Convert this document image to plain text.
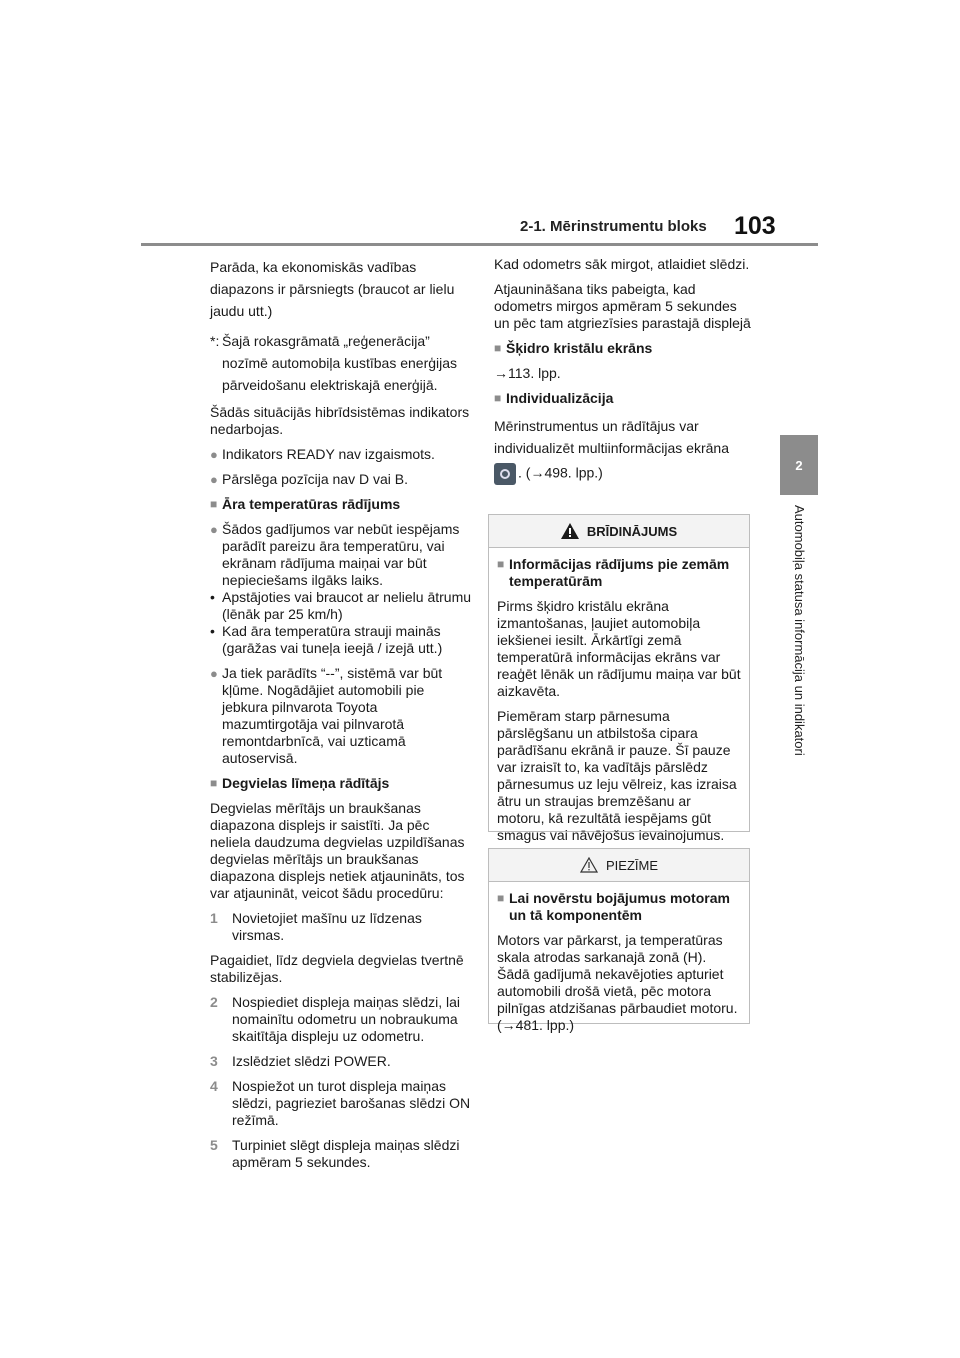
2-1. Mērinstrumentu bloks 103
2
Automobiļa statusa informācija un indikatori

Parāda, ka ekonomiskās vadības diapazons ir pārsniegts (braucot ar lielu jaudu utt.)

*: Šajā rokasgrāmatā „reģenerācija” nozīmē automobiļa kustības enerģijas pārveidošanu elektriskajā enerģijā.

Šādās situācijās hibrīdsistēmas indikators nedarbojas.

● Indikators READY nav izgaismots.
● Pārslēga pozīcija nav D vai B.
■ Āra temperatūras rādījums
● Šādos gadījumos var nebūt iespējams parādīt pareizu āra temperatūru, vai ekrānam rādījuma maiņai var būt nepieciešams ilgāks laiks.
• Apstājoties vai braucot ar nelielu ātrumu (lēnāk par 25 km/h)
• Kad āra temperatūra strauji mainās (garāžas vai tuneļa ieejā / izejā utt.)
● Ja tiek parādīts “--”, sistēmā var būt kļūme. Nogādājiet automobili pie jebkura pilnvarota Toyota mazumtirgotāja vai pilnvarotā remontdarbnīcā, vai uzticamā autoservisā.
■ Degvielas līmeņa rādītājs

Degvielas mērītājs un braukšanas diapazona displejs ir saistīti. Ja pēc neliela daudzuma degvielas uzpildīšanas degvielas mērītājs un braukšanas diapazona displejs netiek atjaunināts, tos var atjaunināt, veicot šādu procedūru:

1	Novietojiet mašīnu uz līdzenas virsmas.

Pagaidiet, līdz degviela degvielas tvertnē stabilizējas.

2	Nospiediet displeja maiņas slēdzi, lai nomainītu odometru un nobraukuma skaitītāja displeju uz odometru.
3	Izslēdziet slēdzi POWER.
4	Nospiežot un turot displeja maiņas slēdzi, pagrieziet barošanas slēdzi ON režīmā.
5	Turpiniet slēgt displeja maiņas slēdzi apmēram 5 sekundes.

Kad odometrs sāk mirgot, atlaidiet slēdzi.

Atjaunināšana tiks pabeigta, kad odometrs mirgos apmēram 5 sekundes un pēc tam atgriezīsies parastajā displejā

■ Šķidro kristālu ekrāns

→113. lpp.

■ Individualizācija

Mērinstrumentus un rādītājus var individualizēt multiinformācijas ekrāna

. (→498. lpp.)

BRĪDINĀJUMS
■ Informācijas rādījums pie zemām temperatūrām

Pirms šķidro kristālu ekrāna izmantošanas, ļaujiet automobiļa iekšienei iesilt. Ārkārtīgi zemā temperatūrā informācijas ekrāns var reaģēt lēnāk un rādījumu maiņa var būt aizkavēta.

Piemēram starp pārnesuma pārslēgšanu un atbilstoša cipara parādīšanu ekrānā ir pauze. Šī pauze var izraisīt to, ka vadītājs pārslēdz pārnesumus uz leju vēlreiz, kas izraisa ātru un straujas bremzēšanu ar motoru, kā rezultātā iespējams gūt smagus vai nāvējošus ievainojumus.

PIEZĪME
■ Lai novērstu bojājumus motoram un tā komponentēm

Motors var pārkarst, ja temperatūras skala atrodas sarkanajā zonā (H). Šādā gadījumā nekavējoties apturiet automobili drošā vietā, pēc motora pilnīgas atdzišanas pārbaudiet motoru. (→481. lpp.)
